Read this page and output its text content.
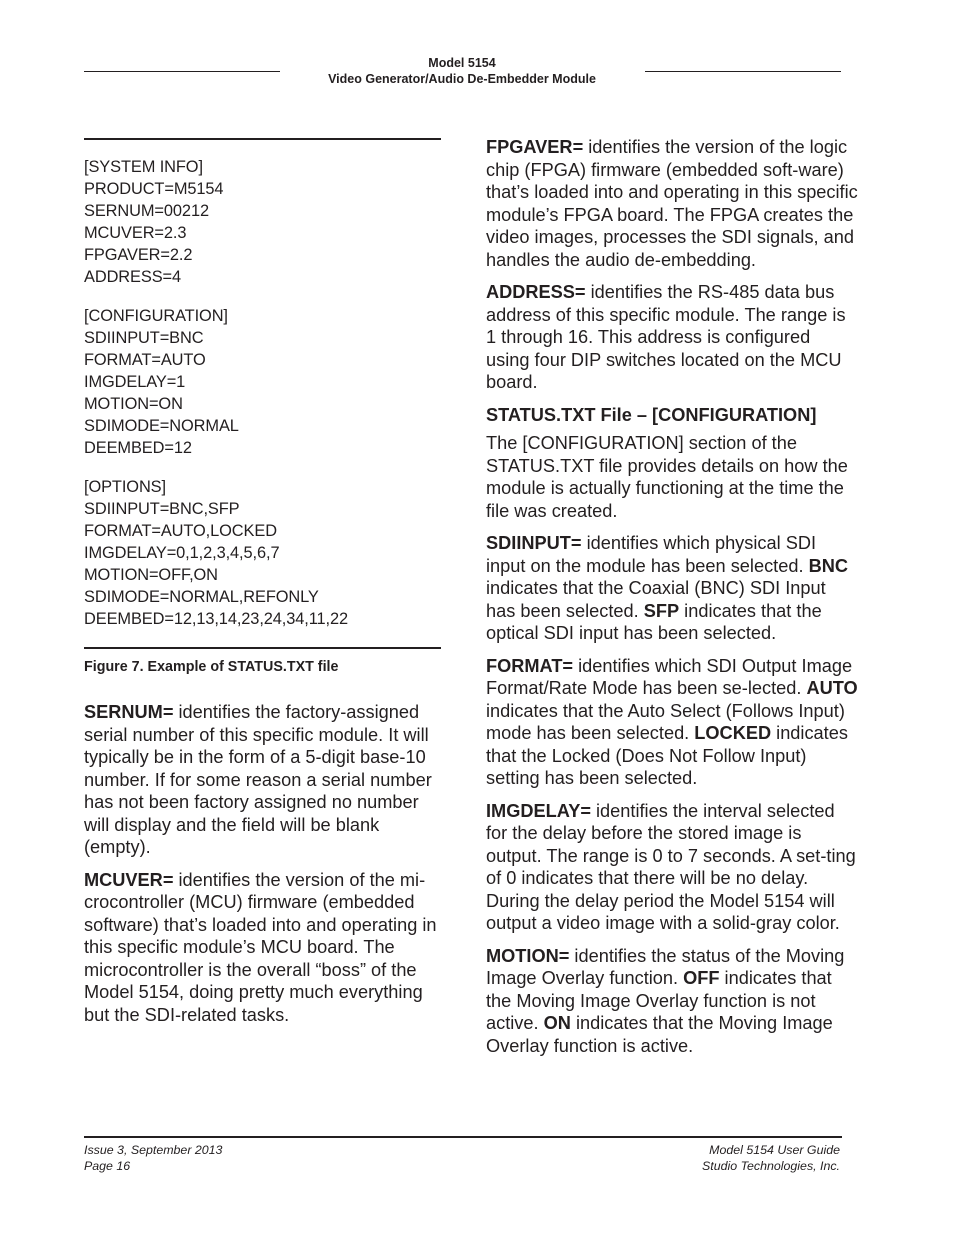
Model 5154
Video Generator/Audio De-Embedder Module
[SYSTEM INFO]
PRODUCT=M5154
SERNUM=00212
MCUVER=2.3
FPGAVER=2.2
ADDRESS=4
[CONFIGURATION]
SDIINPUT=BNC
FORMAT=AUTO
IMGDELAY=1
MOTION=ON
SDIMODE=NORMAL
DEEMBED=12
[OPTIONS]
SDIINPUT=BNC,SFP
FORMAT=AUTO,LOCKED
IMGDELAY=0,1,2,3,4,5,6,7
MOTION=OFF,ON
SDIMODE=NORMAL,REFONLY
DEEMBED=12,13,14,23,24,34,11,22
Figure 7. Example of STATUS.TXT file

SERNUM= identifies the factory-assigned serial number of this specific module. It will typically be in the form of a 5-digit base-10 number. If for some reason a serial number has not been factory assigned no number will display and the field will be blank (empty).

MCUVER= identifies the version of the mi-crocontroller (MCU) firmware (embedded software) that’s loaded into and operating in this specific module’s MCU board. The microcontroller is the overall “boss” of the Model 5154, doing pretty much everything but the SDI-related tasks.

FPGAVER= identifies the version of the logic chip (FPGA) firmware (embedded soft-ware) that’s loaded into and operating in this specific module’s FPGA board. The FPGA creates the video images, processes the SDI signals, and handles the audio de-embedding.

ADDRESS= identifies the RS-485 data bus address of this specific module. The range is 1 through 16. This address is configured using four DIP switches located on the MCU board.

STATUS.TXT File – [CONFIGURATION]

The [CONFIGURATION] section of the STATUS.TXT file provides details on how the module is actually functioning at the time the file was created.

SDIINPUT= identifies which physical SDI input on the module has been selected. BNC indicates that the Coaxial (BNC) SDI Input has been selected. SFP indicates that the optical SDI input has been selected.

FORMAT= identifies which SDI Output Image Format/Rate Mode has been se-lected. AUTO indicates that the Auto Select (Follows Input) mode has been selected. LOCKED indicates that the Locked (Does Not Follow Input) setting has been selected.

IMGDELAY= identifies the interval selected for the delay before the stored image is output. The range is 0 to 7 seconds. A set-ting of 0 indicates that there will be no delay. During the delay period the Model 5154 will output a video image with a solid-gray color.

MOTION= identifies the status of the Moving Image Overlay function. OFF indicates that the Moving Image Overlay function is not active. ON indicates that the Moving Image Overlay function is active.

Issue 3, September 2013
Page 16
Model 5154 User Guide
Studio Technologies, Inc.
